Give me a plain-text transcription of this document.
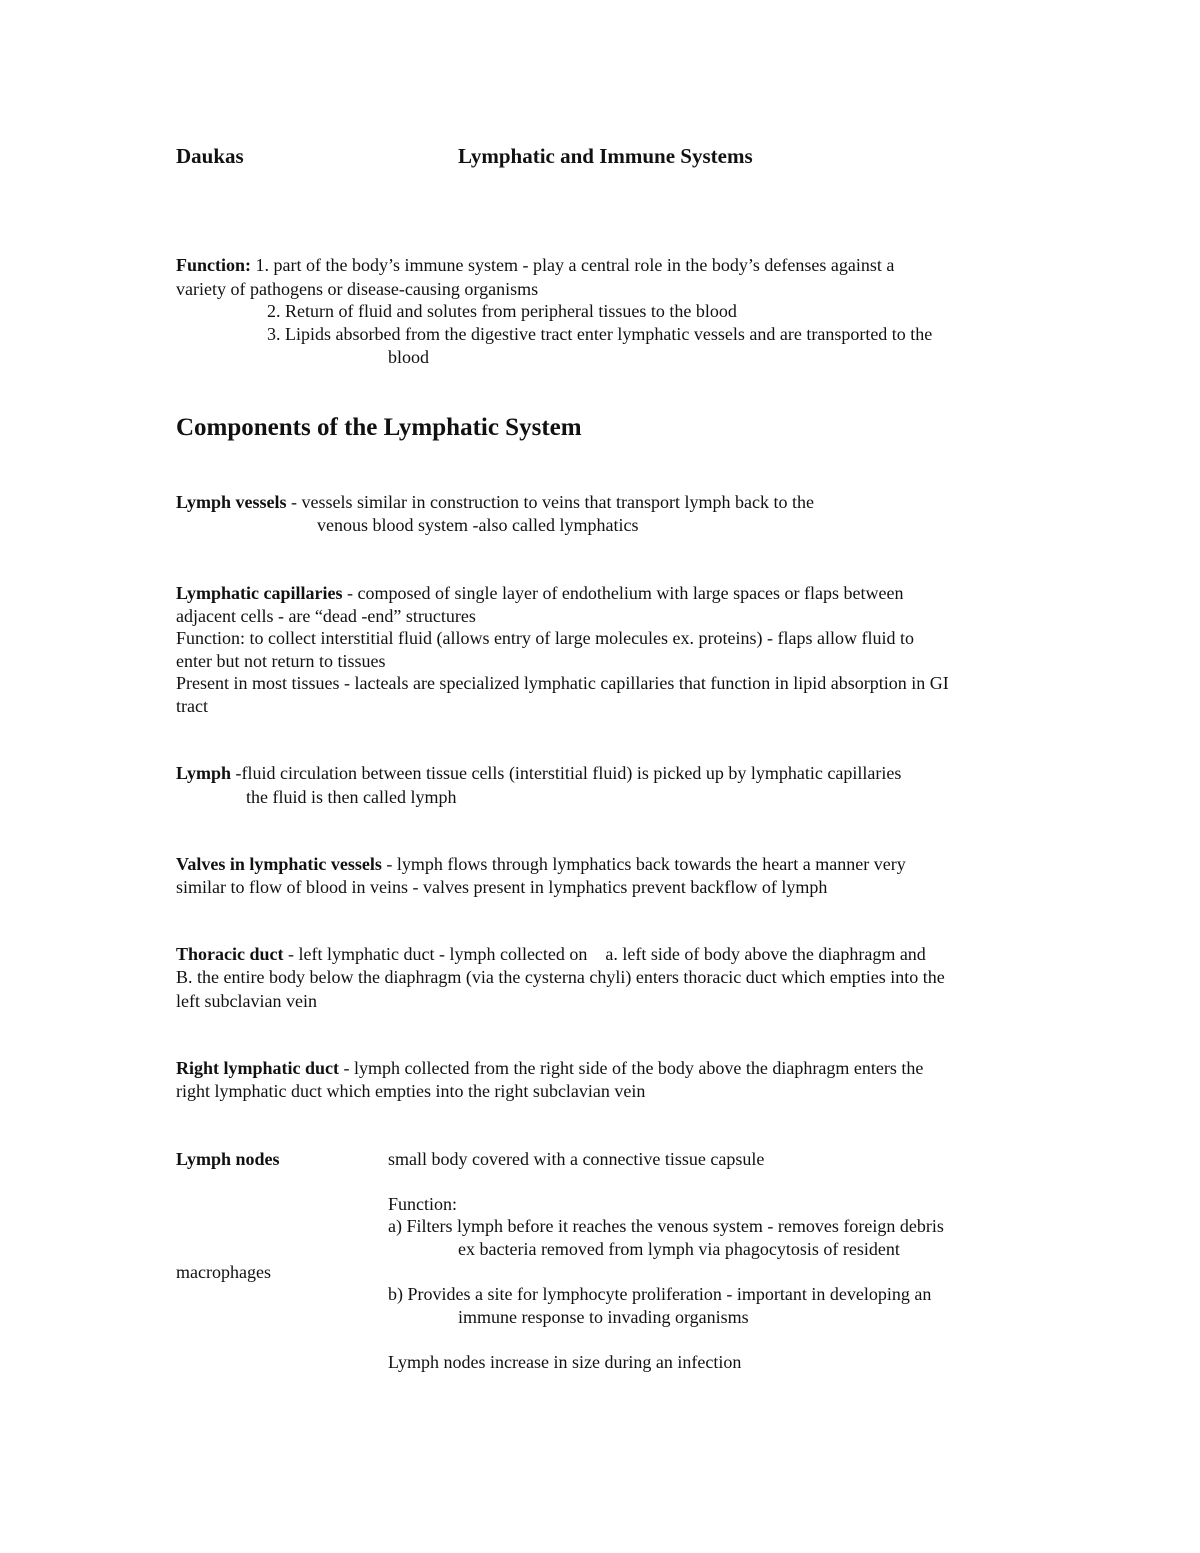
Daukas	Lymphatic and Immune Systems
Function: 1. part of the body’s immune system - play a central role in the body’s defenses against a
variety of pathogens or disease-causing organisms
2. Return of fluid and solutes from peripheral tissues to the blood
3. Lipids absorbed from the digestive tract enter lymphatic vessels and are transported to the
blood
Components of the Lymphatic System
Lymph vessels - vessels similar in construction to veins that transport lymph back to the
venous blood system -also called lymphatics
Lymphatic capillaries - composed of single layer of endothelium with large spaces or flaps between
adjacent cells - are “dead -end” structures
Function: to collect interstitial fluid (allows entry of large molecules ex. proteins) - flaps allow fluid to
enter but not return to tissues
Present in most tissues - lacteals are specialized lymphatic capillaries that function in lipid absorption in GI
tract
Lymph -fluid circulation between tissue cells (interstitial fluid) is picked up by lymphatic capillaries
the fluid is then called lymph
Valves in lymphatic vessels - lymph flows through lymphatics back towards the heart a manner very
similar to flow of blood in veins - valves present in lymphatics prevent backflow of lymph
Thoracic duct - left lymphatic duct - lymph collected on    a. left side of body above the diaphragm and
B. the entire body below the diaphragm (via the cysterna chyli) enters thoracic duct which empties into the
left subclavian vein
Right lymphatic duct - lymph collected from the right side of the body above the diaphragm enters the
right lymphatic duct which empties into the right subclavian vein
Lymph nodes	small body covered with a connective tissue capsule
Function:
a) Filters lymph before it reaches the venous system - removes foreign debris
ex bacteria removed from lymph via phagocytosis of resident
macrophages
b) Provides a site for lymphocyte proliferation - important in developing an
immune response to invading organisms
Lymph nodes increase in size during an infection
